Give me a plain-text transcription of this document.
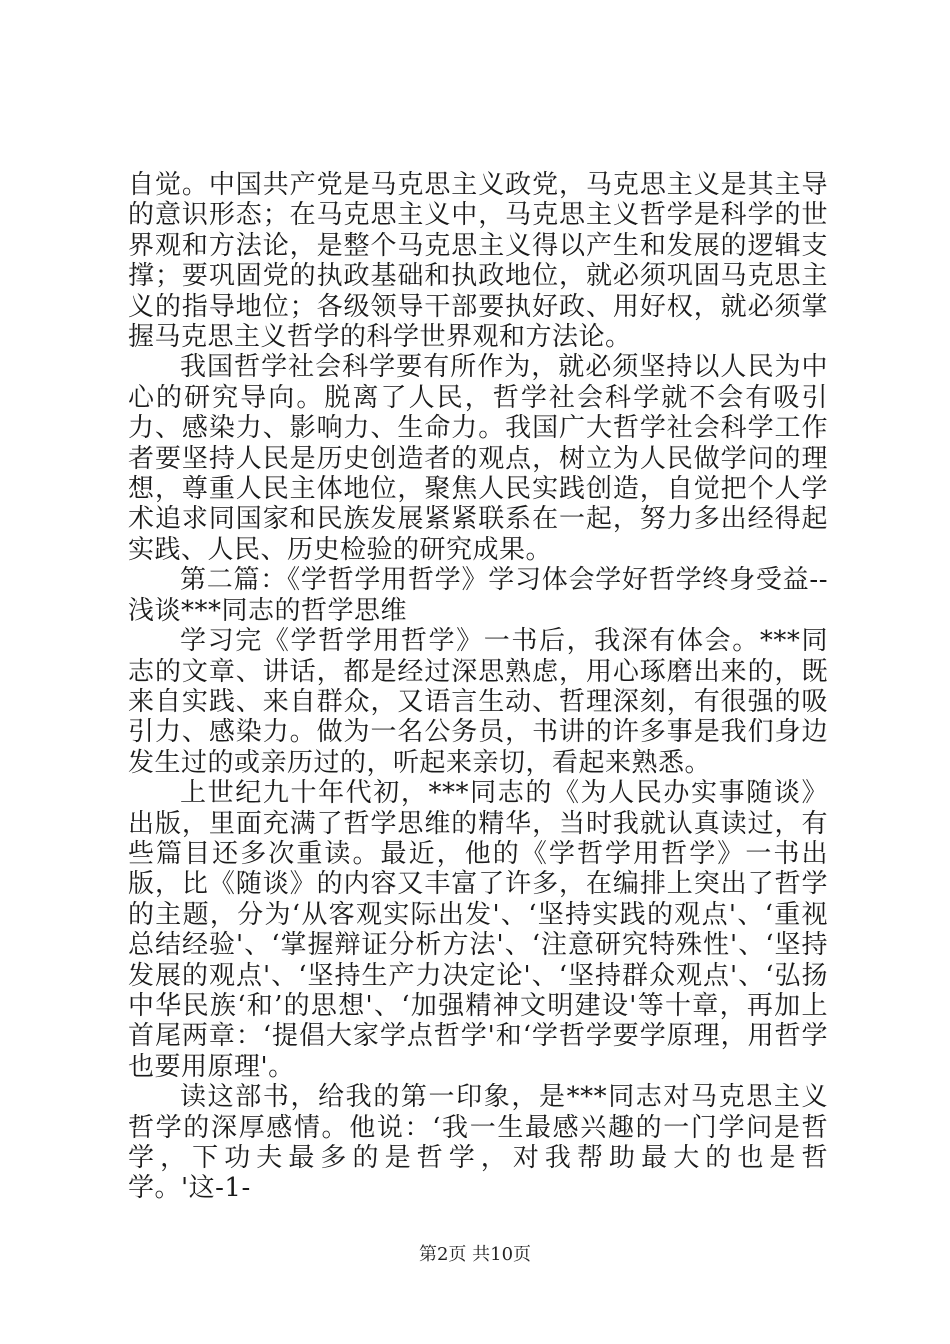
自觉。中国共产党是马克思主义政党，马克思主义是其主导的意识形态；在马克思主义中，马克思主义哲学是科学的世界观和方法论，是整个马克思主义得以产生和发展的逻辑支撑；要巩固党的执政基础和执政地位，就必须巩固马克思主义的指导地位；各级领导干部要执好政、用好权，就必须掌握马克思主义哲学的科学世界观和方法论。

我国哲学社会科学要有所作为，就必须坚持以人民为中心的研究导向。脱离了人民，哲学社会科学就不会有吸引力、感染力、影响力、生命力。我国广大哲学社会科学工作者要坚持人民是历史创造者的观点，树立为人民做学问的理想，尊重人民主体地位，聚焦人民实践创造，自觉把个人学术追求同国家和民族发展紧紧联系在一起，努力多出经得起实践、人民、历史检验的研究成果。

第二篇：《学哲学用哲学》学习体会学好哲学终身受益--浅谈***同志的哲学思维

学习完《学哲学用哲学》一书后，我深有体会。***同志的文章、讲话，都是经过深思熟虑，用心琢磨出来的，既来自实践、来自群众，又语言生动、哲理深刻，有很强的吸引力、感染力。做为一名公务员，书讲的许多事是我们身边发生过的或亲历过的，听起来亲切，看起来熟悉。

上世纪九十年代初，***同志的《为人民办实事随谈》出版，里面充满了哲学思维的精华，当时我就认真读过，有些篇目还多次重读。最近，他的《学哲学用哲学》一书出版，比《随谈》的内容又丰富了许多，在编排上突出了哲学的主题，分为‘从客观实际出发'、‘坚持实践的观点'、‘重视总结经验'、‘掌握辩证分析方法'、‘注意研究特殊性'、‘坚持发展的观点'、‘坚持生产力决定论'、‘坚持群众观点'、‘弘扬中华民族‘和’的思想'、‘加强精神文明建设'等十章，再加上首尾两章：‘提倡大家学点哲学'和‘学哲学要学原理，用哲学也要用原理'。

读这部书，给我的第一印象，是***同志对马克思主义哲学的深厚感情。他说：‘我一生最感兴趣的一门学问是哲学，下功夫最多的是哲学，对我帮助最大的也是哲学。'这-1-

第2页 共10页
